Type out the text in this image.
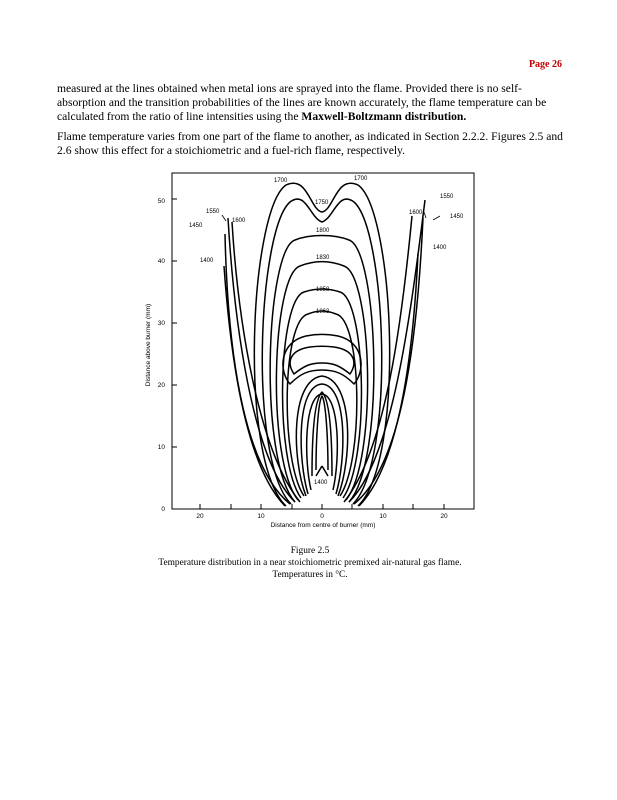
Page 26

measured at the lines obtained when metal ions are sprayed into the flame. Provided there is no self-absorption and the transition probabilities of the lines are known accurately, the flame temperature can be calculated from the ratio of line intensities using the Maxwell-Boltzmann distribution.

Flame temperature varies from one part of the flame to another, as indicated in Section 2.2.2. Figures 2.5 and 2.6 show this effect for a stoichiometric and a fuel-rich flame, respectively.

0
10
20
30
40
50
Distance above burner (mm)
20	10	0	10	20
Distance from centre of burner (mm)
1700	1700
1750
1550
1600
1450
1600
1550
1450
1800
1400
1400
1830
1858
1863
1400
Figure 2.5
Temperature distribution in a near stoichiometric premixed air-natural gas flame. Temperatures in °C.
